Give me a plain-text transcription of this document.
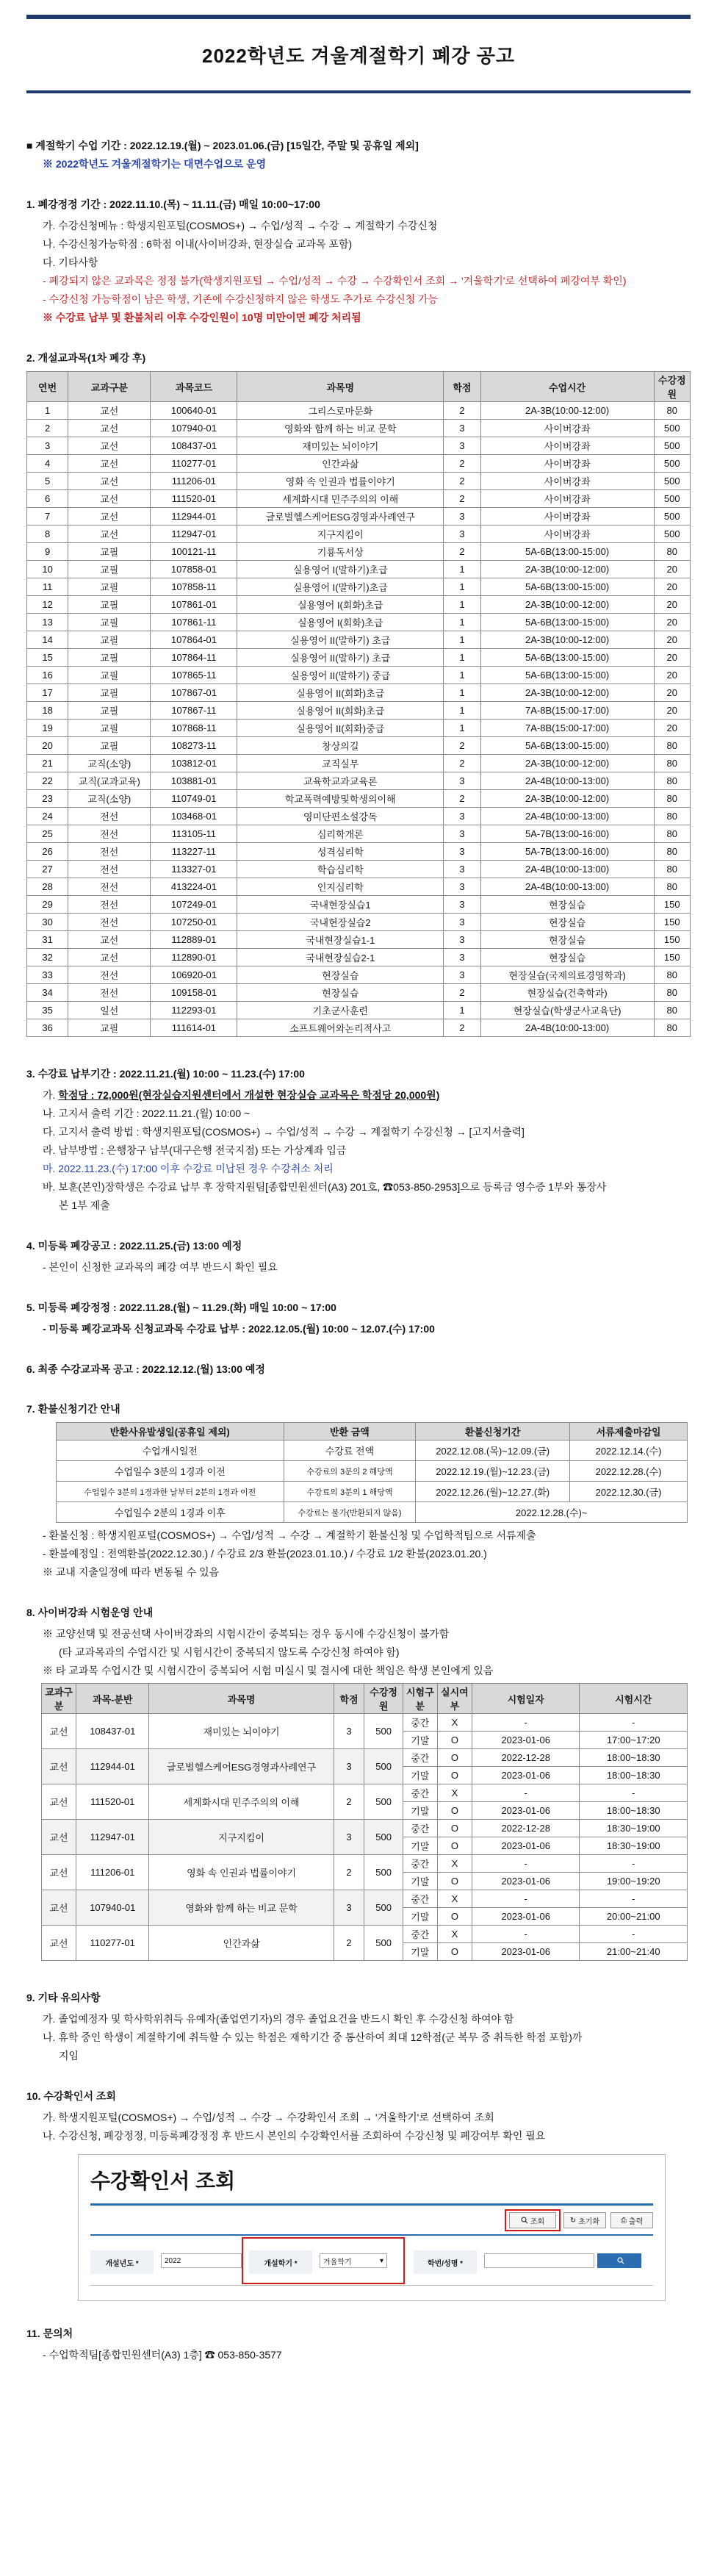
2022학년도 겨울계절학기 폐강 공고
■ 계절학기 수업 기간 : 2022.12.19.(월) ~ 2023.01.06.(금) [15일간, 주말 및 공휴일 제외]
※ 2022학년도 겨울계절학기는 대면수업으로 운영
1. 폐강정정 기간 : 2022.11.10.(목) ~ 11.11.(금) 매일 10:00~17:00
가. 수강신청메뉴 : 학생지원포털(COSMOS+) → 수업/성적 → 수강 → 계절학기 수강신청
나. 수강신청가능학점 : 6학점 이내(사이버강좌, 현장실습 교과목 포함)
다. 기타사항
- 폐강되지 않은 교과목은 정정 불가(학생지원포털 → 수업/성적 → 수강 → 수강확인서 조회 → '겨울학기'로 선택하여 폐강여부 확인)
- 수강신청 가능학점이 남은 학생, 기존에 수강신청하지 않은 학생도 추가로 수강신청 가능
※ 수강료 납부 및 환불처리 이후 수강인원이 10명 미만이면 폐강 처리됨
2. 개설교과목(1차 폐강 후)
연번	교과구분	과목코드	과목명	학점	수업시간	수강정원
1	교선	100640-01	그리스로마문화	2	2A-3B(10:00-12:00)	80
2	교선	107940-01	영화와 함께 하는 비교 문학	3	사이버강좌	500
3	교선	108437-01	재미있는 뇌이야기	3	사이버강좌	500
4	교선	110277-01	인간과삶	2	사이버강좌	500
5	교선	111206-01	영화 속 인권과 법률이야기	2	사이버강좌	500
6	교선	111520-01	세계화시대 민주주의의 이해	2	사이버강좌	500
7	교선	112944-01	글로벌헬스케어ESG경영과사례연구	3	사이버강좌	500
8	교선	112947-01	지구지킴이	3	사이버강좌	500
9	교필	100121-11	기룡독서상	2	5A-6B(13:00-15:00)	80
10	교필	107858-01	실용영어 I(말하기)초급	1	2A-3B(10:00-12:00)	20
11	교필	107858-11	실용영어 I(말하기)초급	1	5A-6B(13:00-15:00)	20
12	교필	107861-01	실용영어 I(회화)초급	1	2A-3B(10:00-12:00)	20
13	교필	107861-11	실용영어 I(회화)초급	1	5A-6B(13:00-15:00)	20
14	교필	107864-01	실용영어 II(말하기) 초급	1	2A-3B(10:00-12:00)	20
15	교필	107864-11	실용영어 II(말하기) 초급	1	5A-6B(13:00-15:00)	20
16	교필	107865-11	실용영어 II(말하기) 중급	1	5A-6B(13:00-15:00)	20
17	교필	107867-01	실용영어 II(회화)초급	1	2A-3B(10:00-12:00)	20
18	교필	107867-11	실용영어 II(회화)초급	1	7A-8B(15:00-17:00)	20
19	교필	107868-11	실용영어 II(회화)중급	1	7A-8B(15:00-17:00)	20
20	교필	108273-11	창상의길	2	5A-6B(13:00-15:00)	80
21	교직(소양)	103812-01	교직실무	2	2A-3B(10:00-12:00)	80
22	교직(교과교육)	103881-01	교육학교과교육론	3	2A-4B(10:00-13:00)	80
23	교직(소양)	110749-01	학교폭력예방및학생의이해	2	2A-3B(10:00-12:00)	80
24	전선	103468-01	영미단편소설강독	3	2A-4B(10:00-13:00)	80
25	전선	113105-11	심리학개론	3	5A-7B(13:00-16:00)	80
26	전선	113227-11	성격심리학	3	5A-7B(13:00-16:00)	80
27	전선	113327-01	학습심리학	3	2A-4B(10:00-13:00)	80
28	전선	413224-01	인지심리학	3	2A-4B(10:00-13:00)	80
29	전선	107249-01	국내현장실습1	3	현장실습	150
30	전선	107250-01	국내현장실습2	3	현장실습	150
31	교선	112889-01	국내현장실습1-1	3	현장실습	150
32	교선	112890-01	국내현장실습2-1	3	현장실습	150
33	전선	106920-01	현장실습	3	현장실습(국제의료경영학과)	80
34	전선	109158-01	현장실습	2	현장실습(건축학과)	80
35	일선	112293-01	기초군사훈련	1	현장실습(학생군사교육단)	80
36	교필	111614-01	소프트웨어와논리적사고	2	2A-4B(10:00-13:00)	80
3. 수강료 납부기간 : 2022.11.21.(월) 10:00 ~ 11.23.(수) 17:00
가. 학점당 : 72,000원(현장실습지원센터에서 개설한 현장실습 교과목은 학점당 20,000원)
나. 고지서 출력 기간 : 2022.11.21.(월) 10:00 ~
다. 고지서 출력 방법 : 학생지원포털(COSMOS+) → 수업/성적 → 수강 → 계절학기 수강신청 → [고지서출력]
라. 납부방법 : 은행창구 납부(대구은행 전국지점) 또는 가상계좌 입금
마. 2022.11.23.(수) 17:00 이후 수강료 미납된 경우 수강취소 처리
바. 보훈(본인)장학생은 수강료 납부 후 장학지원팀[종합민원센터(A3) 201호, ☎053-850-2953]으로 등록금 영수증 1부와 통장사
본 1부 제출
4. 미등록 폐강공고 : 2022.11.25.(금) 13:00 예정
- 본인이 신청한 교과목의 폐강 여부 반드시 확인 필요
5. 미등록 폐강정정 : 2022.11.28.(월) ~ 11.29.(화) 매일 10:00 ~ 17:00
- 미등록 폐강교과목 신청교과목 수강료 납부 : 2022.12.05.(월) 10:00 ~ 12.07.(수) 17:00
6. 최종 수강교과목 공고 : 2022.12.12.(월) 13:00 예정
7. 환불신청기간 안내
반환사유발생일(공휴일 제외)	반환 금액	환불신청기간	서류제출마감일
수업개시일전	수강료 전액	2022.12.08.(목)~12.09.(금)	2022.12.14.(수)
수업일수 3분의 1경과 이전	수강료의 3분의 2 해당액	2022.12.19.(월)~12.23.(금)	2022.12.28.(수)
수업일수 3분의 1경과한 날부터 2분의 1경과 이전	수강료의 3분의 1 해당액	2022.12.26.(월)~12.27.(화)	2022.12.30.(금)
수업일수 2분의 1경과 이후	수강료는 불가(반환되지 않음)	2022.12.28.(수)~	
- 환불신청 : 학생지원포털(COSMOS+) → 수업/성적 → 수강 → 계절학기 환불신청 및 수업학적팀으로 서류제출
- 환불예정일 : 전액환불(2022.12.30.) / 수강료 2/3 환불(2023.01.10.) / 수강료 1/2 환불(2023.01.20.)
※ 교내 지출일정에 따라 변동될 수 있음
8. 사이버강좌 시험운영 안내
※ 교양선택 및 전공선택 사이버강좌의 시험시간이 중복되는 경우 동시에 수강신청이 불가함
(타 교과목과의 수업시간 및 시험시간이 중복되지 않도록 수강신청 하여야 함)
※ 타 교과목 수업시간 및 시험시간이 중복되어 시험 미실시 및 결시에 대한 책임은 학생 본인에게 있음
교과구분	과목-분반	과목명	학점	수강정원	시험구분	실시여부	시험일자	시험시간
교선	108437-01	재미있는 뇌이야기	3	500	중간	X	-	-
					기말	O	2023-01-06	17:00~17:20
교선	112944-01	글로벌헬스케어ESG경영과사례연구	3	500	중간	O	2022-12-28	18:00~18:30
					기말	O	2023-01-06	18:00~18:30
교선	111520-01	세계화시대 민주주의의 이해	2	500	중간	X	-	-
					기말	O	2023-01-06	18:00~18:30
교선	112947-01	지구지킴이	3	500	중간	O	2022-12-28	18:30~19:00
					기말	O	2023-01-06	18:30~19:00
교선	111206-01	영화 속 인권과 법률이야기	2	500	중간	X	-	-
					기말	O	2023-01-06	19:00~19:20
교선	107940-01	영화와 함께 하는 비교 문학	3	500	중간	X	-	-
					기말	O	2023-01-06	20:00~21:00
교선	110277-01	인간과삶	2	500	중간	X	-	-
					기말	O	2023-01-06	21:00~21:40
9. 기타 유의사항
가. 졸업예정자 및 학사학위취득 유예자(졸업연기자)의 경우 졸업요건을 반드시 확인 후 수강신청 하여야 함
나. 휴학 중인 학생이 계절학기에 취득할 수 있는 학점은 재학기간 중 통산하여 최대 12학점(군 복무 중 취득한 학점 포함)까
지임
10. 수강확인서 조회
가. 학생지원포털(COSMOS+) → 수업/성적 → 수강 → 수강확인서 조회 → '겨울학기'로 선택하여 조회
나. 수강신청, 폐강정정, 미등록폐강정정 후 반드시 본인의 수강확인서를 조회하여 수강신청 및 폐강여부 확인 필요
수강확인서 조회
조회	↻ 초기화	⎙ 출력
개설년도 *	2022	개설학기 *	겨울학기	▾	학번/성명 *
11. 문의처
- 수업학적팀[종합민원센터(A3) 1층] ☎ 053-850-3577
